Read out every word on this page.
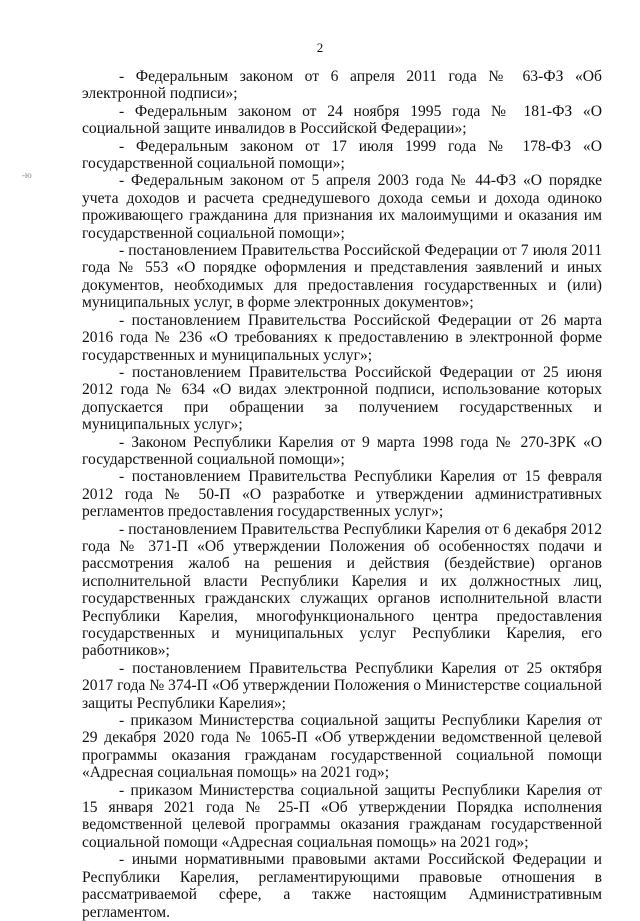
2
-ю

- Федеральным законом от 6 апреля 2011 года № 63-ФЗ «Об электронной подписи»;

- Федеральным законом от 24 ноября 1995 года № 181-ФЗ «О социальной защите инвалидов в Российской Федерации»;

- Федеральным законом от 17 июля 1999 года № 178-ФЗ «О государственной социальной помощи»;

- Федеральным законом от 5 апреля 2003 года № 44-ФЗ «О порядке учета доходов и расчета среднедушевого дохода семьи и дохода одиноко проживающего гражданина для признания их малоимущими и оказания им государственной социальной помощи»;

- постановлением Правительства Российской Федерации от 7 июля 2011 года № 553 «О порядке оформления и представления заявлений и иных документов, необходимых для предоставления государственных и (или) муниципальных услуг, в форме электронных документов»;

- постановлением Правительства Российской Федерации от 26 марта 2016 года № 236 «О требованиях к предоставлению в электронной форме государственных и муниципальных услуг»;

- постановлением Правительства Российской Федерации от 25 июня 2012 года № 634 «О видах электронной подписи, использование которых допускается при обращении за получением государственных и муниципальных услуг»;

- Законом Республики Карелия от 9 марта 1998 года № 270-ЗРК «О государственной социальной помощи»;

- постановлением Правительства Республики Карелия от 15 февраля 2012 года № 50-П «О разработке и утверждении административных регламентов предоставления государственных услуг»;

- постановлением Правительства Республики Карелия от 6 декабря 2012 года № 371-П «Об утверждении Положения об особенностях подачи и рассмотрения жалоб на решения и действия (бездействие) органов исполнительной власти Республики Карелия и их должностных лиц, государственных гражданских служащих органов исполнительной власти Республики Карелия, многофункционального центра предоставления государственных и муниципальных услуг Республики Карелия, его работников»;

- постановлением Правительства Республики Карелия от 25 октября 2017 года № 374-П «Об утверждении Положения о Министерстве социальной защиты Республики Карелия»;

- приказом Министерства социальной защиты Республики Карелия от 29 декабря 2020 года № 1065-П «Об утверждении ведомственной целевой программы оказания гражданам государственной социальной помощи «Адресная социальная помощь» на 2021 год»;

- приказом Министерства социальной защиты Республики Карелия от 15 января 2021 года № 25-П «Об утверждении Порядка исполнения ведомственной целевой программы оказания гражданам государственной социальной помощи «Адресная социальная помощь» на 2021 год»;

- иными нормативными правовыми актами Российской Федерации и Республики Карелия, регламентирующими правовые отношения в рассматриваемой сфере, а также настоящим Административным регламентом.
